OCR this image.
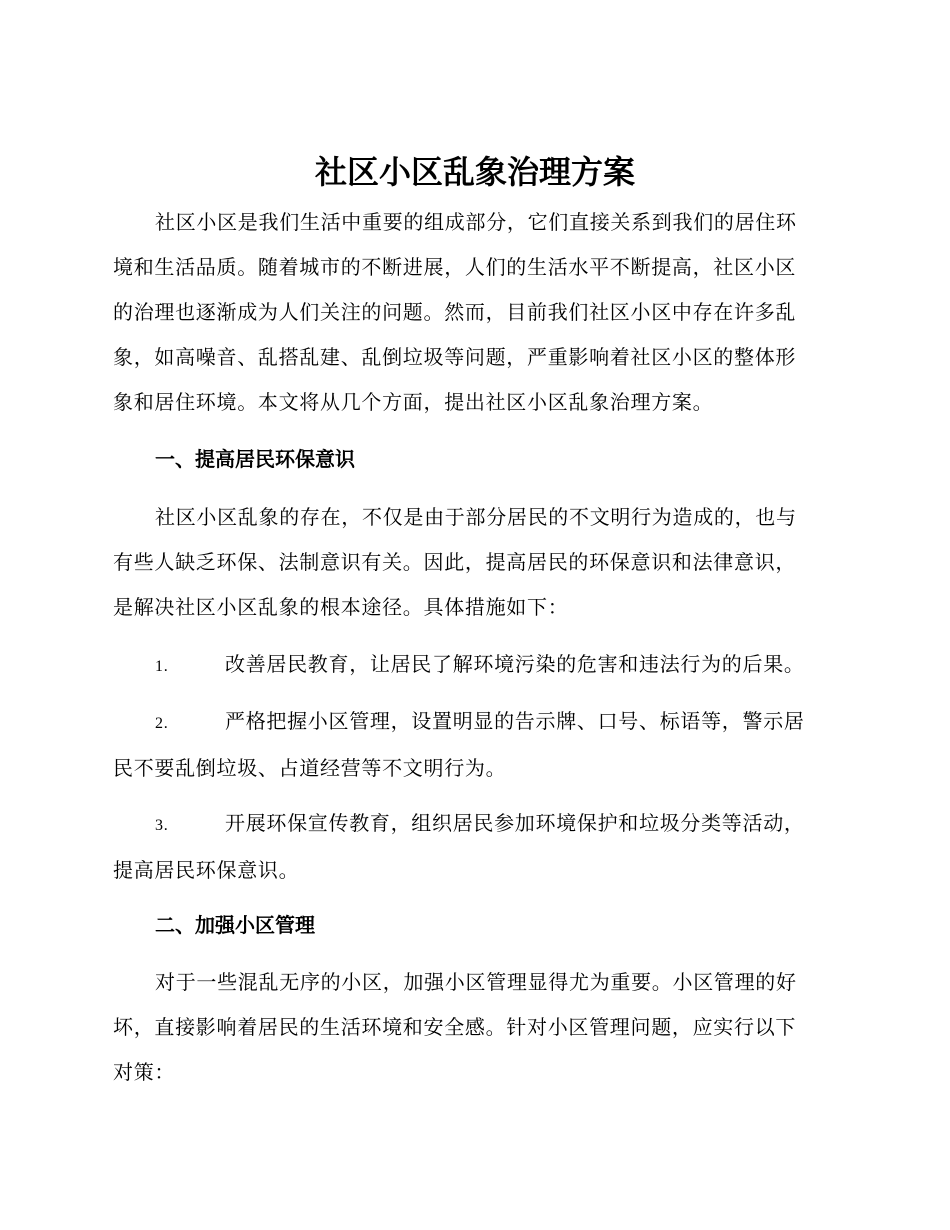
社区小区乱象治理方案

社区小区是我们生活中重要的组成部分，它们直接关系到我们的居住环
境和生活品质。随着城市的不断进展，人们的生活水平不断提高，社区小区
的治理也逐渐成为人们关注的问题。然而，目前我们社区小区中存在许多乱
象，如高噪音、乱搭乱建、乱倒垃圾等问题，严重影响着社区小区的整体形
象和居住环境。本文将从几个方面，提出社区小区乱象治理方案。

一、提高居民环保意识

社区小区乱象的存在，不仅是由于部分居民的不文明行为造成的，也与
有些人缺乏环保、法制意识有关。因此，提高居民的环保意识和法律意识，
是解决社区小区乱象的根本途径。具体措施如下：

1.	改善居民教育，让居民了解环境污染的危害和违法行为的后果。

2.	严格把握小区管理，设置明显的告示牌、口号、标语等，警示居
民不要乱倒垃圾、占道经营等不文明行为。

3.	开展环保宣传教育，组织居民参加环境保护和垃圾分类等活动，
提高居民环保意识。

二、加强小区管理

对于一些混乱无序的小区，加强小区管理显得尤为重要。小区管理的好
坏，直接影响着居民的生活环境和安全感。针对小区管理问题，应实行以下
对策：
